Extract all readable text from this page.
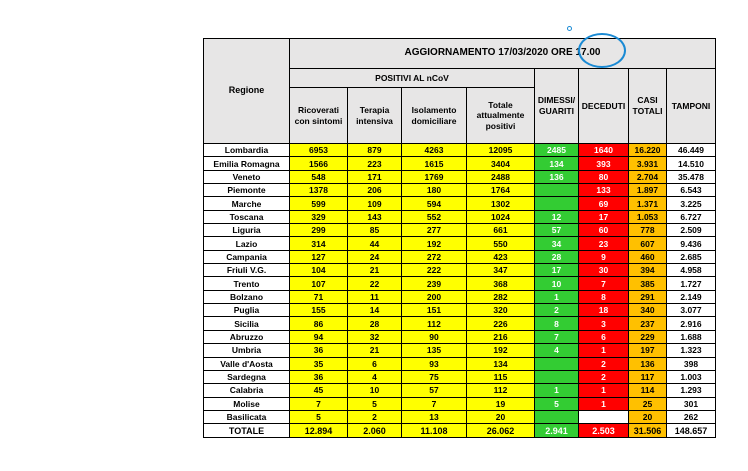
Regione	AGGIORNAMENTO 17/03/2020 ORE 17.00							
	POSITIVI AL nCoV				DIMESSI/ GUARITI	DECEDUTI	CASI TOTALI	TAMPONI
	Ricoverati con sintomi	Terapia intensiva	Isolamento domiciliare	Totale attualmente positivi				
Lombardia	6953	879	4263	12095	2485	1640	16.220	46.449
Emilia Romagna	1566	223	1615	3404	134	393	3.931	14.510
Veneto	548	171	1769	2488	136	80	2.704	35.478
Piemonte	1378	206	180	1764		133	1.897	6.543
Marche	599	109	594	1302		69	1.371	3.225
Toscana	329	143	552	1024	12	17	1.053	6.727
Liguria	299	85	277	661	57	60	778	2.509
Lazio	314	44	192	550	34	23	607	9.436
Campania	127	24	272	423	28	9	460	2.685
Friuli V.G.	104	21	222	347	17	30	394	4.958
Trento	107	22	239	368	10	7	385	1.727
Bolzano	71	11	200	282	1	8	291	2.149
Puglia	155	14	151	320	2	18	340	3.077
Sicilia	86	28	112	226	8	3	237	2.916
Abruzzo	94	32	90	216	7	6	229	1.688
Umbria	36	21	135	192	4	1	197	1.323
Valle d'Aosta	35	6	93	134		2	136	398
Sardegna	36	4	75	115		2	117	1.003
Calabria	45	10	57	112	1	1	114	1.293
Molise	7	5	7	19	5	1	25	301
Basilicata	5	2	13	20			20	262
TOTALE	12.894	2.060	11.108	26.062	2.941	2.503	31.506	148.657
